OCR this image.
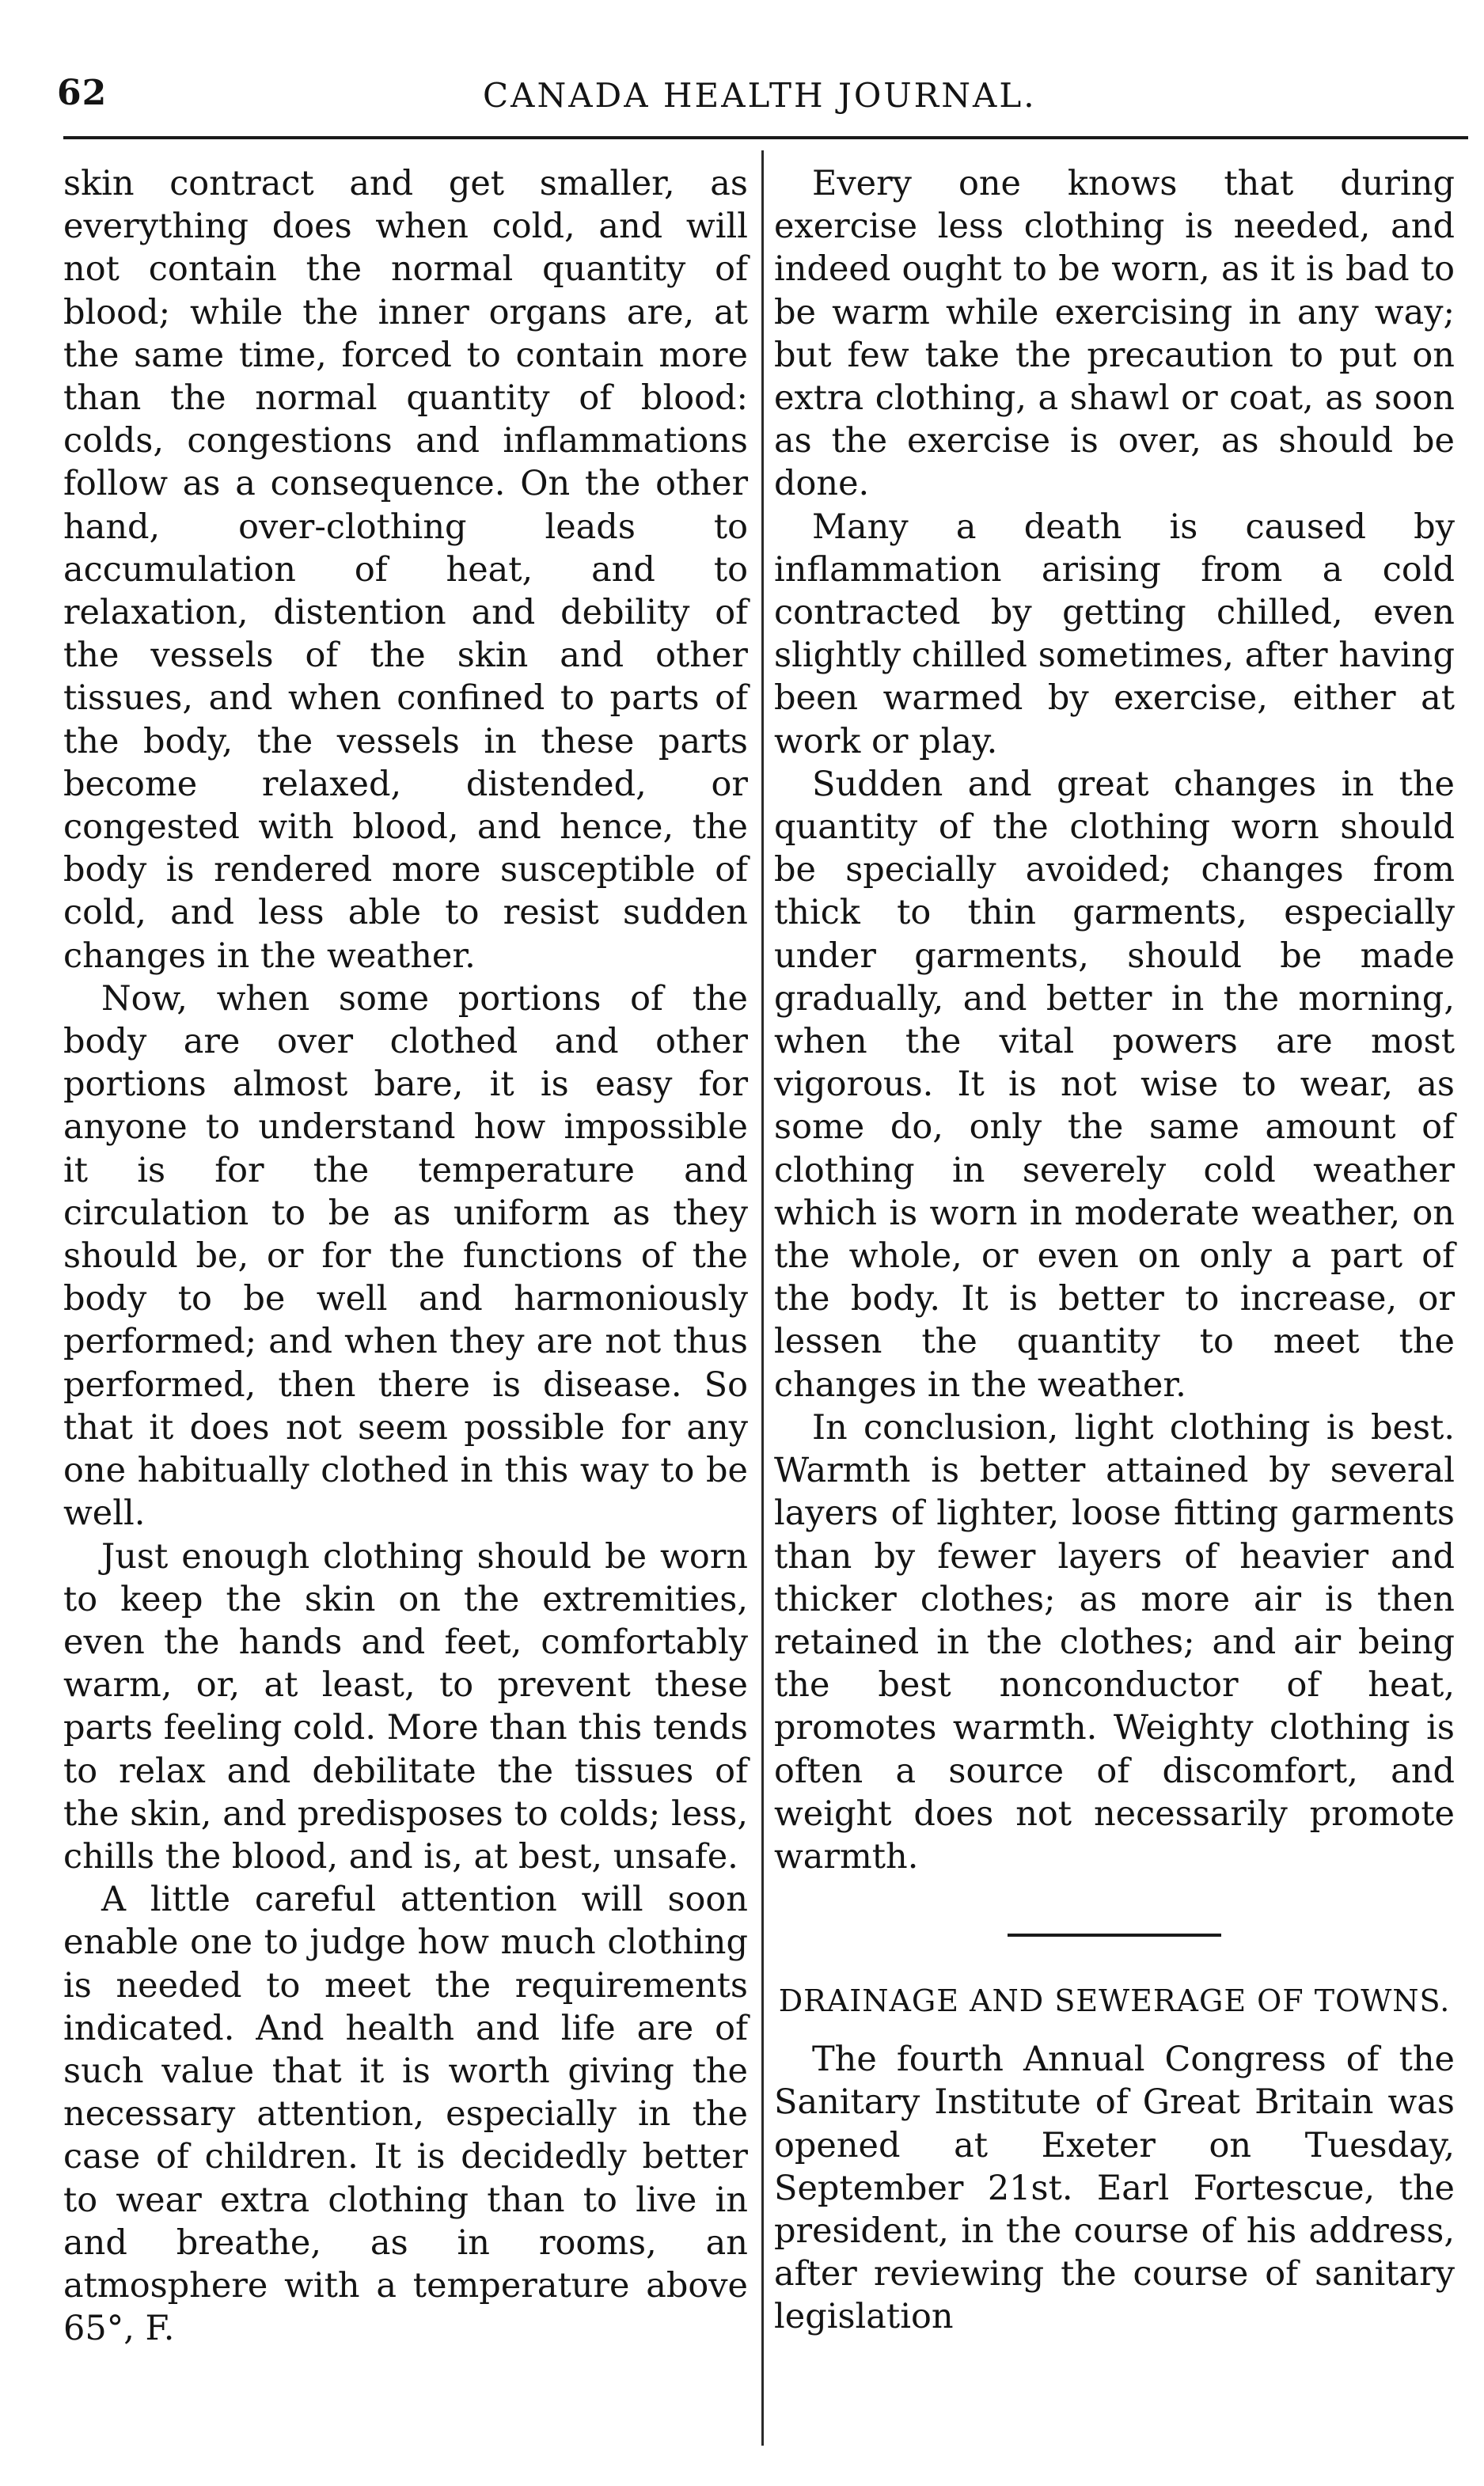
62	CANADA HEALTH JOURNAL.

skin contract and get smaller, as everything does when cold, and will not contain the normal quantity of blood; while the inner organs are, at the same time, forced to contain more than the normal quantity of blood: colds, congestions and inflammations follow as a consequence. On the other hand, over-clothing leads to accumulation of heat, and to relaxation, distention and debility of the vessels of the skin and other tissues, and when confined to parts of the body, the vessels in these parts become relaxed, distended, or congested with blood, and hence, the body is rendered more susceptible of cold, and less able to resist sudden changes in the weather.

Now, when some portions of the body are over clothed and other portions almost bare, it is easy for anyone to understand how impossible it is for the temperature and circulation to be as uniform as they should be, or for the functions of the body to be well and harmoniously performed; and when they are not thus performed, then there is disease. So that it does not seem possible for any one habitually clothed in this way to be well.

Just enough clothing should be worn to keep the skin on the extremities, even the hands and feet, comfortably warm, or, at least, to prevent these parts feeling cold. More than this tends to relax and debilitate the tissues of the skin, and predisposes to colds; less, chills the blood, and is, at best, unsafe.

A little careful attention will soon enable one to judge how much clothing is needed to meet the requirements indicated. And health and life are of such value that it is worth giving the necessary attention, especially in the case of children. It is decidedly better to wear extra clothing than to live in and breathe, as in rooms, an atmosphere with a temperature above 65°, F.

Every one knows that during exercise less clothing is needed, and indeed ought to be worn, as it is bad to be warm while exercising in any way; but few take the precaution to put on extra clothing, a shawl or coat, as soon as the exercise is over, as should be done.

Many a death is caused by inflammation arising from a cold contracted by getting chilled, even slightly chilled sometimes, after having been warmed by exercise, either at work or play.

Sudden and great changes in the quantity of the clothing worn should be specially avoided; changes from thick to thin garments, especially under garments, should be made gradually, and better in the morning, when the vital powers are most vigorous. It is not wise to wear, as some do, only the same amount of clothing in severely cold weather which is worn in moderate weather, on the whole, or even on only a part of the body. It is better to increase, or lessen the quantity to meet the changes in the weather.

In conclusion, light clothing is best. Warmth is better attained by several layers of lighter, loose fitting garments than by fewer layers of heavier and thicker clothes; as more air is then retained in the clothes; and air being the best nonconductor of heat, promotes warmth. Weighty clothing is often a source of discomfort, and weight does not necessarily promote warmth.

DRAINAGE AND SEWERAGE OF TOWNS.

The fourth Annual Congress of the Sanitary Institute of Great Britain was opened at Exeter on Tuesday, September 21st. Earl Fortescue, the president, in the course of his address, after reviewing the course of sanitary legislation
